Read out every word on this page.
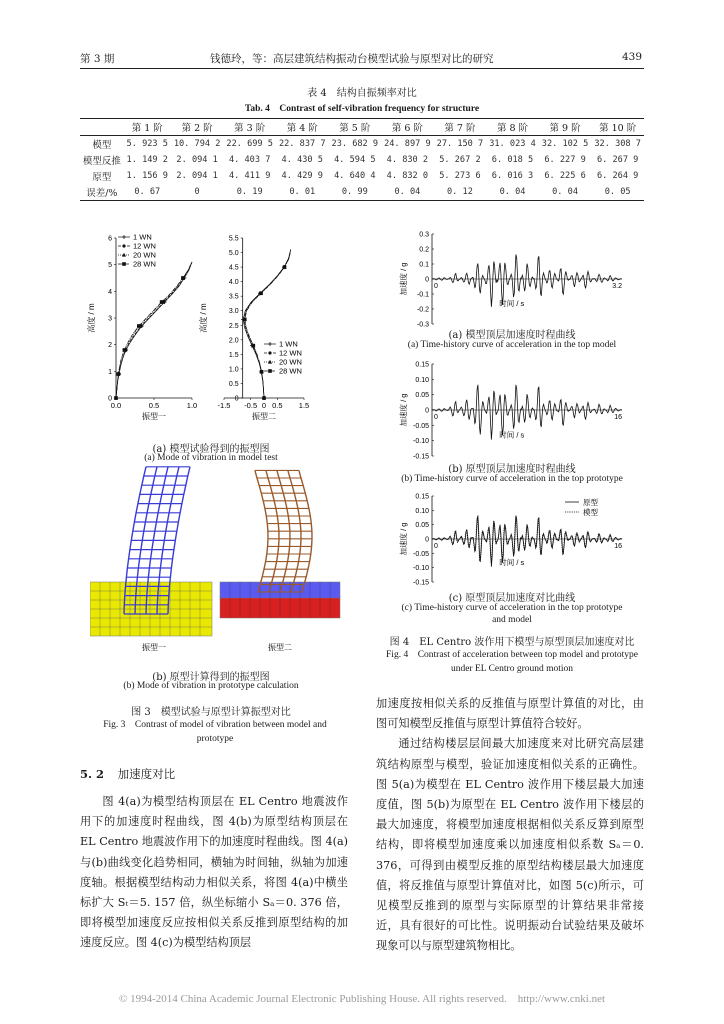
第 3 期	钱德玲，等：高层建筑结构振动台模型试验与原型对比的研究	439
表 4　结构自振频率对比
Tab. 4　Contrast of self-vibration frequency for structure
	第 1 阶	第 2 阶	第 3 阶	第 4 阶	第 5 阶	第 6 阶	第 7 阶	第 8 阶	第 9 阶	第 10 阶
模型	5. 923 5	10. 794 2	22. 699 5	22. 837 7	23. 682 9	24. 897 9	27. 150 7	31. 023 4	32. 102 5	32. 308 7
模型反推	1. 149 2	2. 094 1	4. 403 7	4. 430 5	4. 594 5	4. 830 2	5. 267 2	6. 018 5	6. 227 9	6. 267 9
原型	1. 156 9	2. 094 1	4. 411 9	4. 429 9	4. 640 4	4. 832 0	5. 273 6	6. 016 3	6. 225 6	6. 264 9
误差/%	0. 67	0	0. 19	0. 01	0. 99	0. 04	0. 12	0. 04	0. 04	0. 05
0
1
2
3
4
5
6
0.0	0.5	1.0
1 WN
12 WN
20 WN
28 WN
振型一
高度 / m
0
0.5
1.0
1.5
2.0
2.5
3.0
3.5
4.0
4.5
5.0
5.5
-1.5 -0.5 0 0.5 1.5
1 WN
12 WN
20 WN
28 WN
振型二
高度 / m
(a) 模型试验得到的振型图
(a) Mode of vibration in model test
振型一	振型二
(b) 原型计算得到的振型图
(b) Mode of vibration in prototype calculation
图 3　模型试验与原型计算振型对比
Fig. 3　Contrast of model of vibration between model and prototype
0.3
0.2
0.1
0
-0.1
-0.2
-0.3
0	3.2
时间 / s
加速度 / g
0.15
0.10
0.05
0
-0.05
-0.10
-0.15
0	16
时间 / s
加速度 / g
0.15
0.10
0.05
0
-0.05
-0.10
-0.15
0	16
时间 / s
加速度 / g
原型
模型
(a) 模型顶层加速度时程曲线
(a) Time-history curve of acceleration in the top model
(b) 原型顶层加速度时程曲线
(b) Time-history curve of acceleration in the top prototype
(c) 原型顶层加速度对比曲线
(c) Time-history curve of acceleration in the top prototype and model
图 4　EL Centro 波作用下模型与原型顶层加速度对比
Fig. 4　Contrast of acceleration between top model and prototype under EL Centro ground motion
5. 2 加速度对比

图 4(a)为模型结构顶层在 EL Centro 地震波作用下的加速度时程曲线，图 4(b)为原型结构顶层在 EL Centro 地震波作用下的加速度时程曲线。图 4(a)与(b)曲线变化趋势相同，横轴为时间轴，纵轴为加速度轴。根据模型结构动力相似关系，将图 4(a)中横坐标扩大 Sₜ＝5. 157 倍，纵坐标缩小 Sₐ＝0. 376 倍，即将模型加速度反应按相似关系反推到原型结构的加速度反应。图 4(c)为模型结构顶层

加速度按相似关系的反推值与原型计算值的对比，由图可知模型反推值与原型计算值符合较好。

通过结构楼层层间最大加速度来对比研究高层建筑结构原型与模型，验证加速度相似关系的正确性。图 5(a)为模型在 EL Centro 波作用下楼层最大加速度值，图 5(b)为原型在 EL Centro 波作用下楼层的最大加速度，将模型加速度根据相似关系反算到原型结构，即将模型加速度乘以加速度相似系数 Sₐ＝0. 376，可得到由模型反推的原型结构楼层最大加速度值，将反推值与原型计算值对比，如图 5(c)所示，可见模型反推到的原型与实际原型的计算结果非常接近，具有很好的可比性。说明振动台试验结果及破坏现象可以与原型建筑物相比。

© 1994-2014 China Academic Journal Electronic Publishing House. All rights reserved.　http://www.cnki.net
